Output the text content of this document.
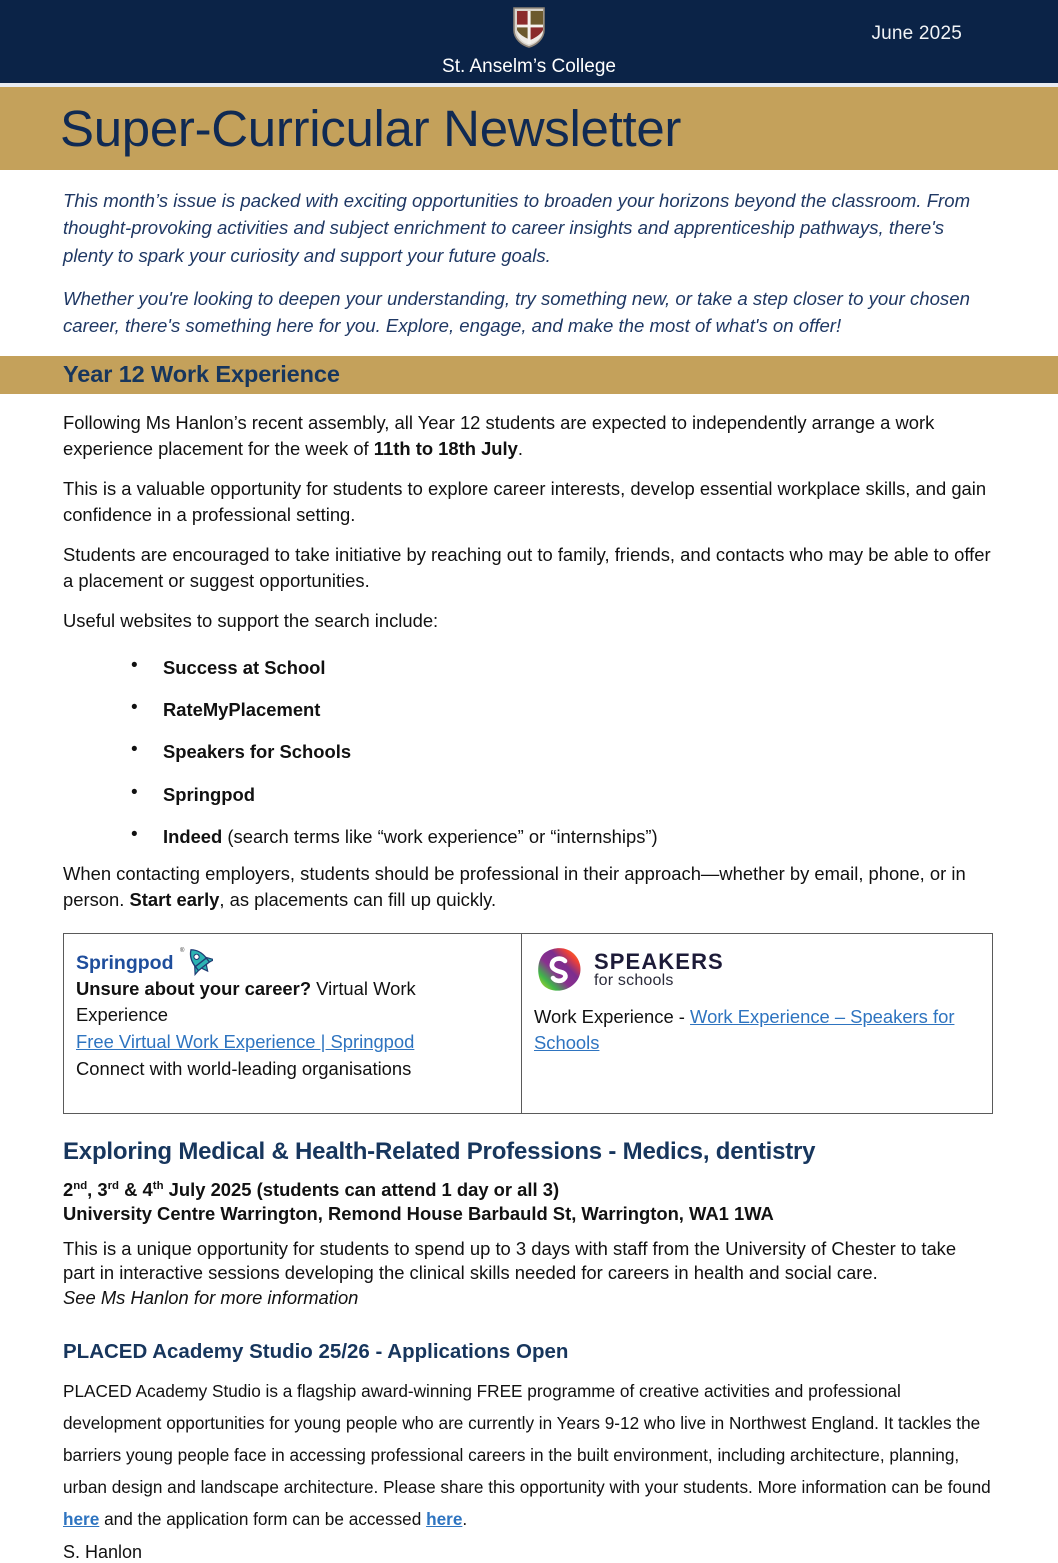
June 2025
St. Anselm’s College
Super-Curricular Newsletter

This month’s issue is packed with exciting opportunities to broaden your horizons beyond the classroom. From thought-provoking activities and subject enrichment to career insights and apprenticeship pathways, there's plenty to spark your curiosity and support your future goals.

Whether you're looking to deepen your understanding, try something new, or take a step closer to your chosen career, there's something here for you. Explore, engage, and make the most of what's on offer!

Year 12 Work Experience

Following Ms Hanlon’s recent assembly, all Year 12 students are expected to independently arrange a work experience placement for the week of 11th to 18th July.

This is a valuable opportunity for students to explore career interests, develop essential workplace skills, and gain confidence in a professional setting.

Students are encouraged to take initiative by reaching out to family, friends, and contacts who may be able to offer a placement or suggest opportunities.

Useful websites to support the search include:

• Success at School
• RateMyPlacement
• Speakers for Schools
• Springpod
• Indeed (search terms like “work experience” or “internships”)

When contacting employers, students should be professional in their approach—whether by email, phone, or in person. Start early, as placements can fill up quickly.

Springpod
®
Unsure about your career? Virtual Work Experience
Free Virtual Work Experience | Springpod
Connect with world-leading organisations

SPEAKERS
for schools
Work Experience - Work Experience – Speakers for Schools
Exploring Medical & Health-Related Professions - Medics, dentistry

2nd, 3rd & 4th July 2025 (students can attend 1 day or all 3)

University Centre Warrington, Remond House Barbauld St, Warrington, WA1 1WA

This is a unique opportunity for students to spend up to 3 days with staff from the University of Chester to take part in interactive sessions developing the clinical skills needed for careers in health and social care.

See Ms Hanlon for more information

PLACED Academy Studio 25/26 - Applications Open

PLACED Academy Studio is a flagship award-winning FREE programme of creative activities and professional development opportunities for young people who are currently in Years 9-12 who live in Northwest England. It tackles the barriers young people face in accessing professional careers in the built environment, including architecture, planning, urban design and landscape architecture. Please share this opportunity with your students. More information can be found here and the application form can be accessed here.

S. Hanlon
